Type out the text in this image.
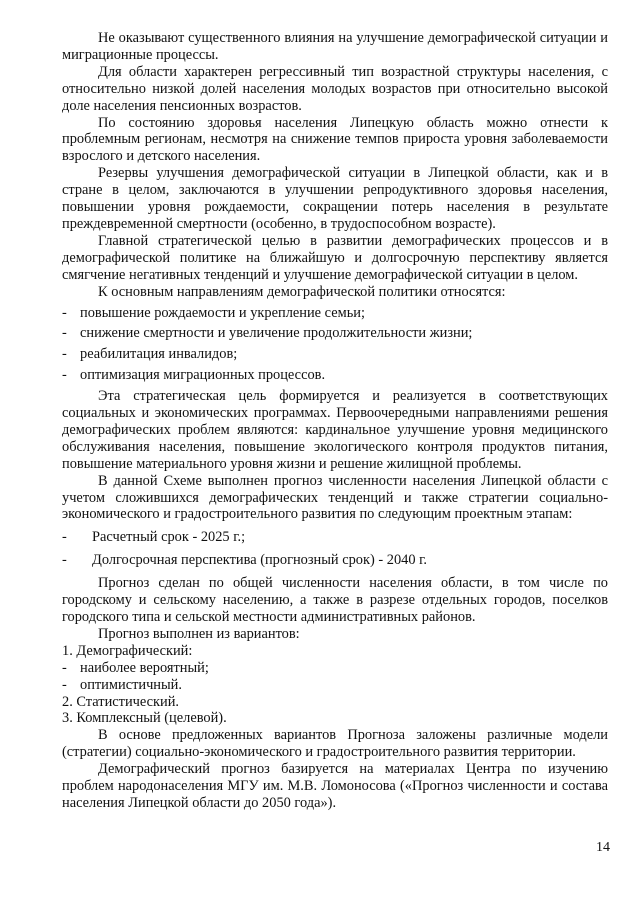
Не оказывают существенного влияния на улучшение демографической ситуации и миграционные процессы.

Для области характерен регрессивный тип возрастной структуры населения, с относительно низкой долей населения молодых возрастов при относительно высокой доле населения пенсионных возрастов.

По состоянию здоровья населения Липецкую область можно отнести к проблемным регионам, несмотря на снижение темпов прироста уровня заболеваемости взрослого и детского населения.

Резервы улучшения демографической ситуации в Липецкой области, как и в стране в целом, заключаются в улучшении репродуктивного здоровья населения, повышении уровня рождаемости, сокращении потерь населения в результате преждевременной смертности (особенно, в трудоспособном возрасте).

Главной стратегической целью в развитии демографических процессов и в демографической политике на ближайшую и долгосрочную перспективу является смягчение негативных тенденций и улучшение демографической ситуации в целом.

К основным направлениям демографической политики относятся:

- повышение рождаемости и укрепление семьи;
- снижение смертности и увеличение продолжительности жизни;
- реабилитация инвалидов;
- оптимизация миграционных процессов.

Эта стратегическая цель формируется и реализуется в соответствующих социальных и экономических программах. Первоочередными направлениями решения демографических проблем являются: кардинальное улучшение уровня медицинского обслуживания населения, повышение экологического контроля продуктов питания, повышение материального уровня жизни и решение жилищной проблемы.

В данной Схеме выполнен прогноз численности населения Липецкой области с учетом сложившихся демографических тенденций и также стратегии социально-экономического и градостроительного развития по следующим проектным этапам:

-	Расчетный срок - 2025 г.;
-	Долгосрочная перспектива (прогнозный срок) - 2040 г.

Прогноз сделан по общей численности населения области, в том числе по городскому и сельскому населению, а также в разрезе отдельных городов, поселков городского типа и сельской местности административных районов.

Прогноз выполнен из вариантов:

1. Демографический:

- наиболее вероятный;
- оптимистичный.

2. Статистический.

3. Комплексный (целевой).

В основе предложенных вариантов Прогноза заложены различные модели (стратегии) социально-экономического и градостроительного развития территории.

Демографический прогноз базируется на материалах Центра по изучению проблем народонаселения МГУ им. М.В. Ломоносова («Прогноз численности и состава населения Липецкой области до 2050 года»).

14
